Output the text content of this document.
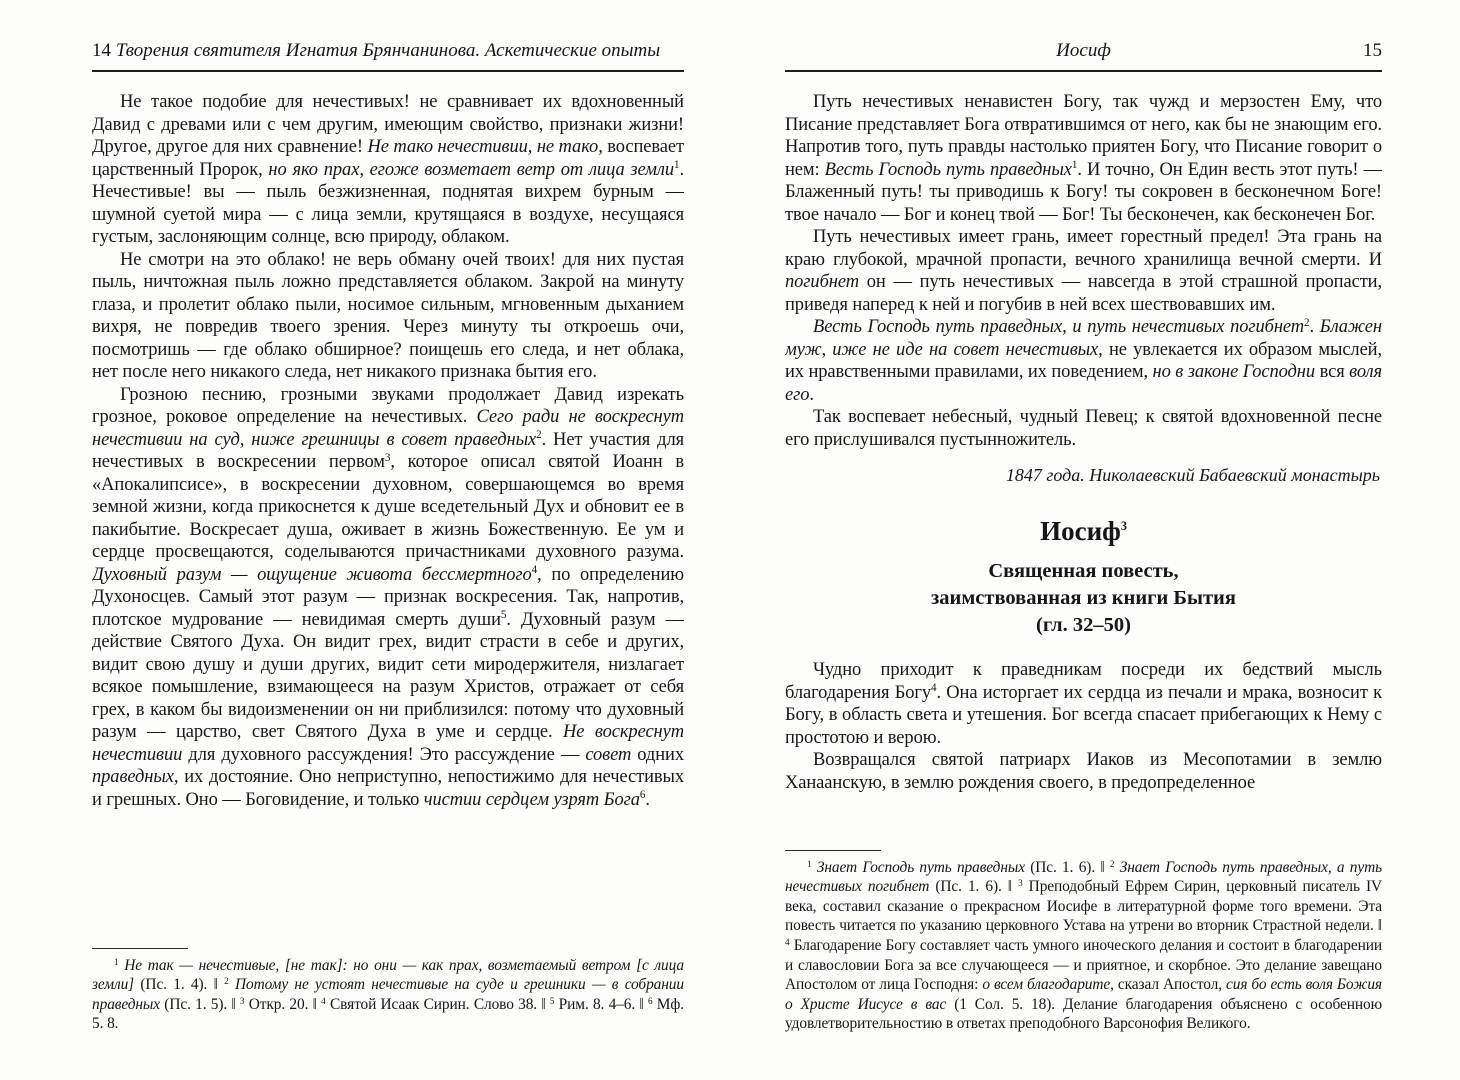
14 Творения святителя Игнатия Брянчанинова. Аскетические опыты

Не такое подобие для нечестивых! не сравнивает их вдохновенный Давид с древами или с чем другим, имеющим свойство, признаки жизни! Другое, другое для них сравнение! Не тако нечестивии, не тако, воспевает царственный Пророк, но яко прах, егоже возметает ветр от лица земли$^1$. Нечестивые! вы — пыль безжизненная, поднятая вихрем бурным — шумной суетой мира — с лица земли, крутящаяся в воздухе, несущаяся густым, заслоняющим солнце, всю природу, облаком.

Не смотри на это облако! не верь обману очей твоих! для них пустая пыль, ничтожная пыль ложно представляется облаком. Закрой на минуту глаза, и пролетит облако пыли, носимое сильным, мгновенным дыханием вихря, не повредив твоего зрения. Через минуту ты откроешь очи, посмотришь — где облако обширное? поищешь его следа, и нет облака, нет после него никакого следа, нет никакого признака бытия его.

Грозною песнию, грозными звуками продолжает Давид изрекать грозное, роковое определение на нечестивых. Сего ради не воскреснут нечестивии на суд, ниже грешницы в совет праведных$^2$. Нет участия для нечестивых в воскресении первом$^3$, которое описал святой Иоанн в «Апокалипсисе», в воскресении духовном, совершающемся во время земной жизни, когда прикоснется к душе вседетельный Дух и обновит ее в пакибытие. Воскресает душа, оживает в жизнь Божественную. Ее ум и сердце просвещаются, соделываются причастниками духовного разума. Духовный разум — ощущение живота бессмертного$^4$, по определению Духоносцев. Самый этот разум — признак воскресения. Так, напротив, плотское мудрование — невидимая смерть души$^5$. Духовный разум — действие Святого Духа. Он видит грех, видит страсти в себе и других, видит свою душу и души других, видит сети миродержителя, низлагает всякое помышление, взимающееся на разум Христов, отражает от себя грех, в каком бы видоизменении он ни приблизился: потому что духовный разум — царство, свет Святого Духа в уме и сердце. Не воскреснут нечестивии для духовного рассуждения! Это рассуждение — совет одних праведных, их достояние. Оно неприступно, непостижимо для нечестивых и грешных. Оно — Боговидение, и только чистии сердцем узрят Бога$^6$.

$^1$ Не так — нечестивые, [не так]: но они — как прах, возметаемый ветром [с лица земли] (Пс. 1. 4). ‖ $^2$ Потому не устоят нечестивые на суде и грешники — в собрании праведных (Пс. 1. 5). ‖ $^3$ Откр. 20. ‖ $^4$ Святой Исаак Сирин. Слово 38. ‖ $^5$ Рим. 8. 4–6. ‖ $^6$ Мф. 5. 8.

Иосиф	15

Путь нечестивых ненавистен Богу, так чужд и мерзостен Ему, что Писание представляет Бога отвратившимся от него, как бы не знающим его. Напротив того, путь правды настолько приятен Богу, что Писание говорит о нем: Весть Господь путь праведных$^1$. И точно, Он Един весть этот путь! — Блаженный путь! ты приводишь к Богу! ты сокровен в бесконечном Боге! твое начало — Бог и конец твой — Бог! Ты бесконечен, как бесконечен Бог.

Путь нечестивых имеет грань, имеет горестный предел! Эта грань на краю глубокой, мрачной пропасти, вечного хранилища вечной смерти. И погибнет он — путь нечестивых — навсегда в этой страшной пропасти, приведя наперед к ней и погубив в ней всех шествовавших им.

Весть Господь путь праведных, и путь нечестивых погибнет$^2$. Блажен муж, иже не иде на совет нечестивых, не увлекается их образом мыслей, их нравственными правилами, их поведением, но в законе Господни вся воля его.

Так воспевает небесный, чудный Певец; к святой вдохновенной песне его прислушивался пустынножитель.

1847 года. Николаевский Бабаевский монастырь

Иосиф$^3$
Священная повесть,
заимствованная из книги Бытия
(гл. 32–50)

Чудно приходит к праведникам посреди их бедствий мысль благодарения Богу$^4$. Она исторгает их сердца из печали и мрака, возносит к Богу, в область света и утешения. Бог всегда спасает прибегающих к Нему с простотою и верою.

Возвращался святой патриарх Иаков из Месопотамии в землю Ханаанскую, в землю рождения своего, в предопределенное

$^1$ Знает Господь путь праведных (Пс. 1. 6). ‖ $^2$ Знает Господь путь праведных, а путь нечестивых погибнет (Пс. 1. 6). ‖ $^3$ Преподобный Ефрем Сирин, церковный писатель IV века, составил сказание о прекрасном Иосифе в литературной форме того времени. Эта повесть читается по указанию церковного Устава на утрени во вторник Страстной недели. ‖ $^4$ Благодарение Богу составляет часть умного иноческого делания и состоит в благодарении и славословии Бога за все случающееся — и приятное, и скорбное. Это делание завещано Апостолом от лица Господня: о всем благодарите, сказал Апостол, сия бо есть воля Божия о Христе Иисусе в вас (1 Сол. 5. 18). Делание благодарения объяснено с особенною удовлетворительностию в ответах преподобного Варсонофия Великого.
